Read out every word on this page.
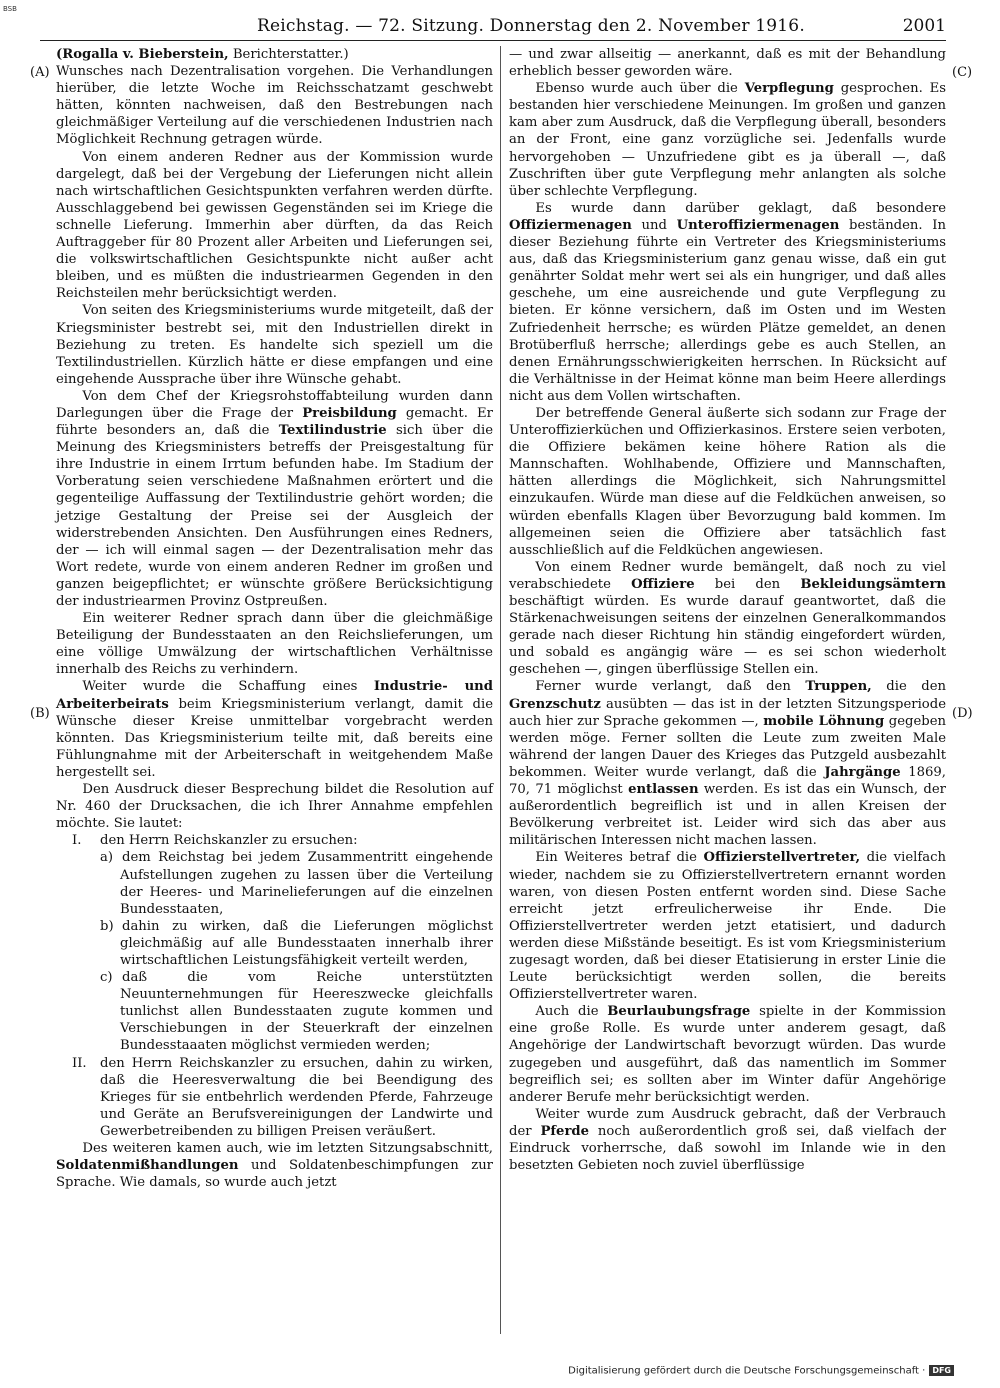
BSB
Reichstag. — 72. Sitzung. Donnerstag den 2. November 1916.	2001
(A)
(B)
(C)
(D)

(Rogalla v. Bieberstein, Berichterstatter.)

Wunsches nach Dezentralisation vorgehen. Die Verhandlungen hierüber, die letzte Woche im Reichsschatzamt geschwebt hätten, könnten nachweisen, daß den Bestrebungen nach gleichmäßiger Verteilung auf die verschiedenen Industrien nach Möglichkeit Rechnung getragen würde.

Von einem anderen Redner aus der Kommission wurde dargelegt, daß bei der Vergebung der Lieferungen nicht allein nach wirtschaftlichen Gesichtspunkten verfahren werden dürfte. Ausschlaggebend bei gewissen Gegenständen sei im Kriege die schnelle Lieferung. Immerhin aber dürften, da das Reich Auftraggeber für 80 Prozent aller Arbeiten und Lieferungen sei, die volkswirtschaftlichen Gesichtspunkte nicht außer acht bleiben, und es müßten die industriearmen Gegenden in den Reichsteilen mehr berücksichtigt werden.

Von seiten des Kriegsministeriums wurde mitgeteilt, daß der Kriegsminister bestrebt sei, mit den Industriellen direkt in Beziehung zu treten. Es handelte sich speziell um die Textilindustriellen. Kürzlich hätte er diese empfangen und eine eingehende Aussprache über ihre Wünsche gehabt.

Von dem Chef der Kriegsrohstoffabteilung wurden dann Darlegungen über die Frage der Preisbildung gemacht. Er führte besonders an, daß die Textilindustrie sich über die Meinung des Kriegsministers betreffs der Preisgestaltung für ihre Industrie in einem Irrtum befunden habe. Im Stadium der Vorberatung seien verschiedene Maßnahmen erörtert und die gegenteilige Auffassung der Textilindustrie gehört worden; die jetzige Gestaltung der Preise sei der Ausgleich der widerstrebenden Ansichten. Den Ausführungen eines Redners, der — ich will einmal sagen — der Dezentralisation mehr das Wort redete, wurde von einem anderen Redner im großen und ganzen beigepflichtet; er wünschte größere Berücksichtigung der industriearmen Provinz Ostpreußen.

Ein weiterer Redner sprach dann über die gleichmäßige Beteiligung der Bundesstaaten an den Reichslieferungen, um eine völlige Umwälzung der wirtschaftlichen Verhältnisse innerhalb des Reichs zu verhindern.

Weiter wurde die Schaffung eines Industrie- und Arbeiterbeirats beim Kriegsministerium verlangt, damit die Wünsche dieser Kreise unmittelbar vorgebracht werden könnten. Das Kriegsministerium teilte mit, daß bereits eine Fühlungnahme mit der Arbeiterschaft in weitgehendem Maße hergestellt sei.

Den Ausdruck dieser Besprechung bildet die Resolution auf Nr. 460 der Drucksachen, die ich Ihrer Annahme empfehlen möchte. Sie lautet:

I. den Herrn Reichskanzler zu ersuchen:

a) dem Reichstag bei jedem Zusammentritt eingehende Aufstellungen zugehen zu lassen über die Verteilung der Heeres- und Marinelieferungen auf die einzelnen Bundesstaaten,

b) dahin zu wirken, daß die Lieferungen möglichst gleichmäßig auf alle Bundesstaaten innerhalb ihrer wirtschaftlichen Leistungsfähigkeit verteilt werden,

c) daß die vom Reiche unterstützten Neuunternehmungen für Heereszwecke gleichfalls tunlichst allen Bundesstaaten zugute kommen und Verschiebungen in der Steuerkraft der einzelnen Bundesstaaaten möglichst vermieden werden;

II. den Herrn Reichskanzler zu ersuchen, dahin zu wirken, daß die Heeresverwaltung die bei Beendigung des Krieges für sie entbehrlich werdenden Pferde, Fahrzeuge und Geräte an Berufsvereinigungen der Landwirte und Gewerbetreibenden zu billigen Preisen veräußert.

Des weiteren kamen auch, wie im letzten Sitzungsabschnitt, Soldatenmißhandlungen und Soldatenbeschimpfungen zur Sprache. Wie damals, so wurde auch jetzt

— und zwar allseitig — anerkannt, daß es mit der Behandlung erheblich besser geworden wäre.

Ebenso wurde auch über die Verpflegung gesprochen. Es bestanden hier verschiedene Meinungen. Im großen und ganzen kam aber zum Ausdruck, daß die Verpflegung überall, besonders an der Front, eine ganz vorzügliche sei. Jedenfalls wurde hervorgehoben — Unzufriedene gibt es ja überall —, daß Zuschriften über gute Verpflegung mehr anlangten als solche über schlechte Verpflegung.

Es wurde dann darüber geklagt, daß besondere Offiziermenagen und Unteroffiziermenagen beständen. In dieser Beziehung führte ein Vertreter des Kriegsministeriums aus, daß das Kriegsministerium ganz genau wisse, daß ein gut genährter Soldat mehr wert sei als ein hungriger, und daß alles geschehe, um eine ausreichende und gute Verpflegung zu bieten. Er könne versichern, daß im Osten und im Westen Zufriedenheit herrsche; es würden Plätze gemeldet, an denen Brotüberfluß herrsche; allerdings gebe es auch Stellen, an denen Ernährungsschwierigkeiten herrschen. In Rücksicht auf die Verhältnisse in der Heimat könne man beim Heere allerdings nicht aus dem Vollen wirtschaften.

Der betreffende General äußerte sich sodann zur Frage der Unteroffizierküchen und Offizierkasinos. Erstere seien verboten, die Offiziere bekämen keine höhere Ration als die Mannschaften. Wohlhabende, Offiziere und Mannschaften, hätten allerdings die Möglichkeit, sich Nahrungsmittel einzukaufen. Würde man diese auf die Feldküchen anweisen, so würden ebenfalls Klagen über Bevorzugung bald kommen. Im allgemeinen seien die Offiziere aber tatsächlich fast ausschließlich auf die Feldküchen angewiesen.

Von einem Redner wurde bemängelt, daß noch zu viel verabschiedete Offiziere bei den Bekleidungsämtern beschäftigt würden. Es wurde darauf geantwortet, daß die Stärkenachweisungen seitens der einzelnen Generalkommandos gerade nach dieser Richtung hin ständig eingefordert würden, und sobald es angängig wäre — es sei schon wiederholt geschehen —, gingen überflüssige Stellen ein.

Ferner wurde verlangt, daß den Truppen, die den Grenzschutz ausübten — das ist in der letzten Sitzungsperiode auch hier zur Sprache gekommen —, mobile Löhnung gegeben werden möge. Ferner sollten die Leute zum zweiten Male während der langen Dauer des Krieges das Putzgeld ausbezahlt bekommen. Weiter wurde verlangt, daß die Jahrgänge 1869, 70, 71 möglichst entlassen werden. Es ist das ein Wunsch, der außerordentlich begreiflich ist und in allen Kreisen der Bevölkerung verbreitet ist. Leider wird sich das aber aus militärischen Interessen nicht machen lassen.

Ein Weiteres betraf die Offizierstellvertreter, die vielfach wieder, nachdem sie zu Offizierstellvertretern ernannt worden waren, von diesen Posten entfernt worden sind. Diese Sache erreicht jetzt erfreulicherweise ihr Ende. Die Offizierstellvertreter werden jetzt etatisiert, und dadurch werden diese Mißstände beseitigt. Es ist vom Kriegsministerium zugesagt worden, daß bei dieser Etatisierung in erster Linie die Leute berücksichtigt werden sollen, die bereits Offizierstellvertreter waren.

Auch die Beurlaubungsfrage spielte in der Kommission eine große Rolle. Es wurde unter anderem gesagt, daß Angehörige der Landwirtschaft bevorzugt würden. Das wurde zugegeben und ausgeführt, daß das namentlich im Sommer begreiflich sei; es sollten aber im Winter dafür Angehörige anderer Berufe mehr berücksichtigt werden.

Weiter wurde zum Ausdruck gebracht, daß der Verbrauch der Pferde noch außerordentlich groß sei, daß vielfach der Eindruck vorherrsche, daß sowohl im Inlande wie in den besetzten Gebieten noch zuviel überflüssige

Digitalisierung gefördert durch die Deutsche Forschungsgemeinschaft · DFG
